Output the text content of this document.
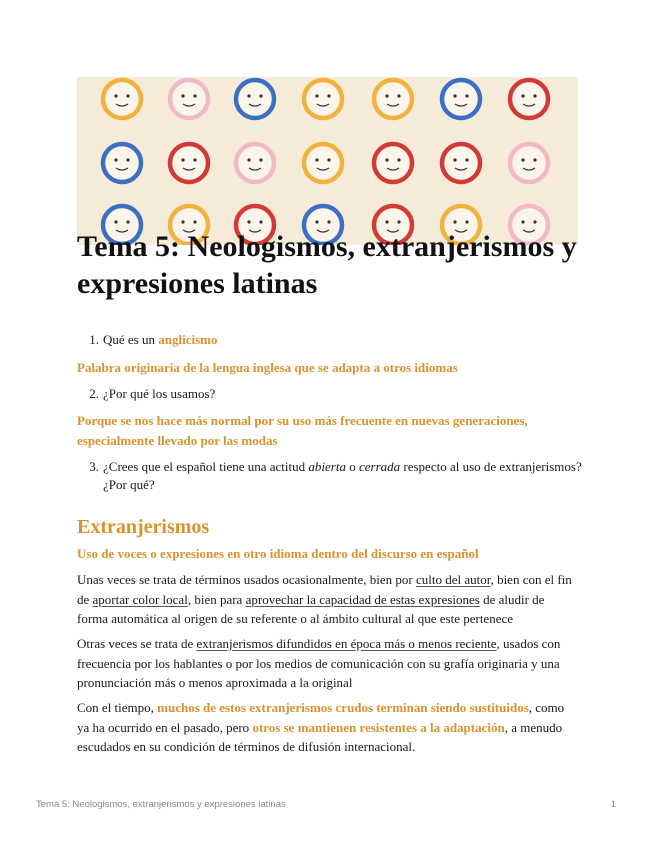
Tema 5: Neologismos, extranjerismos y expresiones latinas
1. Qué es un anglicismo
Palabra originaria de la lengua inglesa que se adapta a otros idiomas
2. ¿Por qué los usamos?
Porque se nos hace más normal por su uso más frecuente en nuevas generaciones, especialmente llevado por las modas
3. ¿Crees que el español tiene una actitud abierta o cerrada respecto al uso de extranjerismos?
¿Por qué?
Extranjerismos
Uso de voces o expresiones en otro idioma dentro del discurso en español
Unas veces se trata de términos usados ocasionalmente, bien por culto del autor, bien con el fin de aportar color local, bien para aprovechar la capacidad de estas expresiones de aludir de forma automática al origen de su referente o al ámbito cultural al que este pertenece
Otras veces se trata de extranjerismos difundidos en época más o menos reciente, usados con frecuencia por los hablantes o por los medios de comunicación con su grafía originaria y una pronunciación más o menos aproximada a la original
Con el tiempo, muchos de estos extranjerismos crudos terminan siendo sustituidos, como ya ha ocurrido en el pasado, pero otros se mantienen resistentes a la adaptación, a menudo escudados en su condición de términos de difusión internacional.
Tema 5: Neologismos, extranjerismos y expresiones latinas	1
